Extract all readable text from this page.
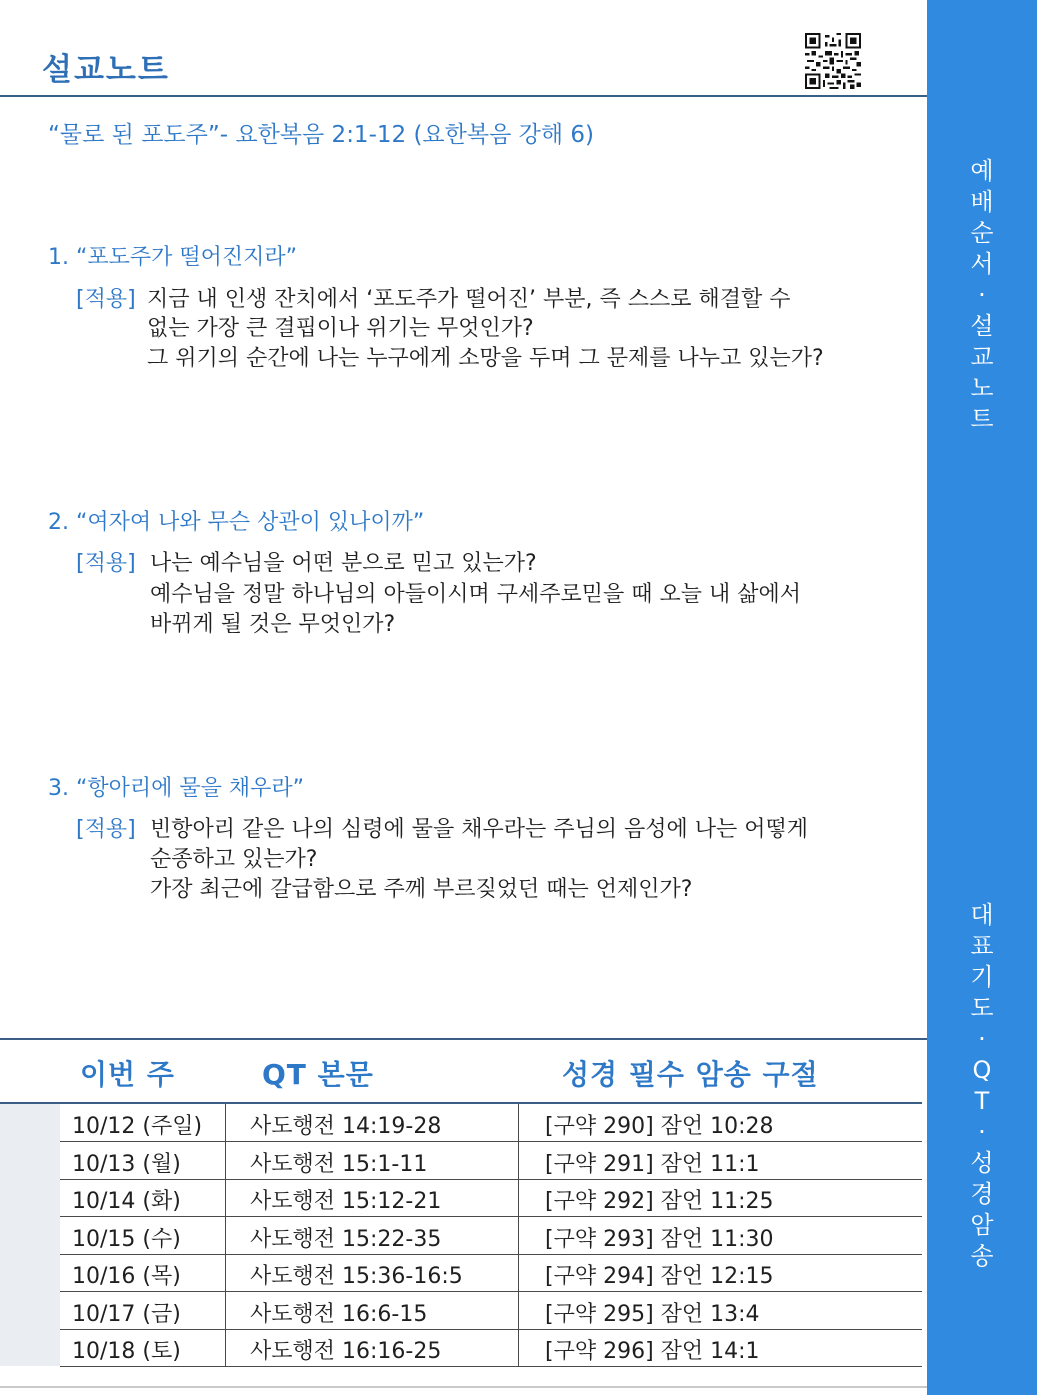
설교노트
“물로 된 포도주”- 요한복음 2:1-12 (요한복음 강해 6)
1. “포도주가 떨어진지라”
[적용] 지금 내 인생 잔치에서 ‘포도주가 떨어진’ 부분, 즉 스스로 해결할 수
없는 가장 큰 결핍이나 위기는 무엇인가?
그 위기의 순간에 나는 누구에게 소망을 두며 그 문제를 나누고 있는가?
2. “여자여 나와 무슨 상관이 있나이까”
[적용] 나는 예수님을 어떤 분으로 믿고 있는가?
예수님을 정말 하나님의 아들이시며 구세주로믿을 때 오늘 내 삶에서
바뀌게 될 것은 무엇인가?
3. “항아리에 물을 채우라”
[적용] 빈항아리 같은 나의 심령에 물을 채우라는 주님의 음성에 나는 어떻게
순종하고 있는가?
가장 최근에 갈급함으로 주께 부르짖었던 때는 언제인가?
예
배
순
서
·
설
교
노
트
대
표
기
도
·
Q
T
·
성
경
암
송
이번 주	QT 본문	성경 필수 암송 구절
10/12 (주일) 사도행전 14:19-28	[구약 290] 잠언 10:28
10/13 (월)	사도행전 15:1-11	[구약 291] 잠언 11:1
10/14 (화)	사도행전 15:12-21	[구약 292] 잠언 11:25
10/15 (수)	사도행전 15:22-35	[구약 293] 잠언 11:30
10/16 (목)	사도행전 15:36-16:5	[구약 294] 잠언 12:15
10/17 (금)	사도행전 16:6-15	[구약 295] 잠언 13:4
10/18 (토)	사도행전 16:16-25	[구약 296] 잠언 14:1
